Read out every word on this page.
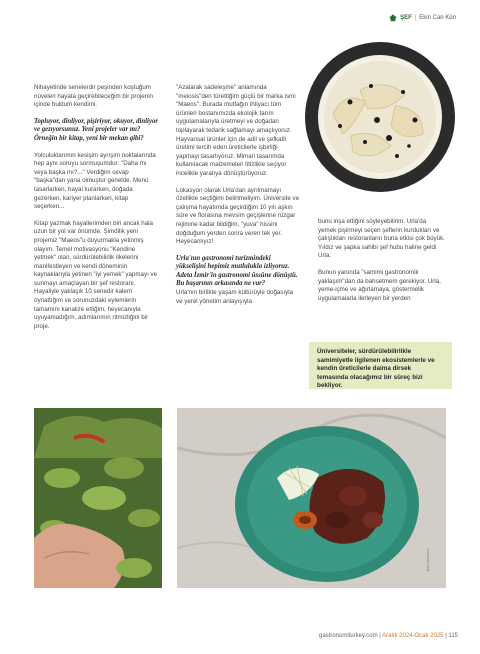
ŞEF | Ekin Can Kün

Nihayetinde senelerdir peşinden koştuğum nüveleri hayata geçirebileceğim bir projenin içinde buldum kendimi.

Topluyor, dinliyor, pişiriyor, okuyor, dinliyor ve gezıyorsunuz. Yeni projeler var mı? Örneğin bir kitap, yeni bir mekan gibi?

Yolculuklarımın kesişim ayrışım noktalarında hep aynı soruyu sormuşumdur: "Daha mı veya başka mı?..." Verdiğim cevap "başka"dan yana olmuştur genelde. Menü tasarlarken, hayal kurarken, doğada gezerken, kariyer planlarken, kitap seçerken...

Kitap yazmak hayallerimden biri ancak hala uzun bir yol var önümde. Şimdilik yeni projemiz "Maeos"u duyurmakla yetinmiş olayım. Temel motivasyonu "Kendine yetmek" olan, sürdürülebilirlik ilkelerini manifestleyen ve kendi döneminin kaynaklarıyla yetinen "iyi yemek" yapmayı ve sunmayı amaçlayan bir şef restoranı. Hayaliyle yaklaşık 10 senedir kalem oynattığım ve sorunuzdaki eylemlerin tamamını kanalize ettiğim, heyecanıyla uyuyamadığım, adımlarımın ritmizliğini bir proje.

"Azalarak sadeleşme" anlamında "meiosis"den türettiğim güçlü bir marka ismi "Maeos". Burada mutfağın ihtiyacı tüm ürünleri bostanımızda ekolojik tarım uygulamalarıyla üretmeyi ve doğadan toplayarak tedarik sağlamayı amaçlıyoruz. Hayvansal ürünler için de adil ve şefkatli üretimi tercih eden üreticilerle işbirliği yapmayı tasarlıyoruz. Mimari tasarımda kullanılacak malzemeleri titizlikle seçiyor incelikle yaratıya dönüştürüyoruz.

Lokasyon olarak Urla'dan ayrılmamayı özellikle seçtiğimi belirtmeliyim. Üniversite ve çalışma hayatımda geçirdiğim 10 yılı aşkın süre ve florasına mevsim geçişlerine rüzgar rejimine kadar bildiğim, "yuva" hissini doğduğum yerden sonra veren tek yer. Heyecanlıyız!

Urla'nın gastronomi turizmindeki yükselişini hepimiz mutlulukla izliyoruz. Adeta İzmir'in gastronomi üssüne dönüştü. Bu başarının arkasında ne var?

Urla'nın birlikte yaşam kültürüyle doğasıyla ve yerel yönetim anlayışıyla

bunu inşa ettiğini söyleyebilirim. Urla'da yemek pişirmeyi seçen şeflerin kurdukları ve çalıştıkları restoranların buna etkisi çok büyük. Yıldız ve şapka sahibi şef hubu haline geldi Urla.

Bunun yanında "samimi gastronomik yaklaşım"dan da bahsetmem gerekiyor. Urla, yeme-içme ve ağırlamaya, göstermelik uygulamalarla ilerleyen bir yerden

Üniversiteler, sürdürülebilirlikle samimiyetle ilgilenen ekosistemlerle ve kendin üreticilerle daima dirsek temasında olacağımız bir süreç bizi bekliyor.
@foodtrakies
gastronomiturkey.com | Aralık 2024-Ocak 2025 | 115
